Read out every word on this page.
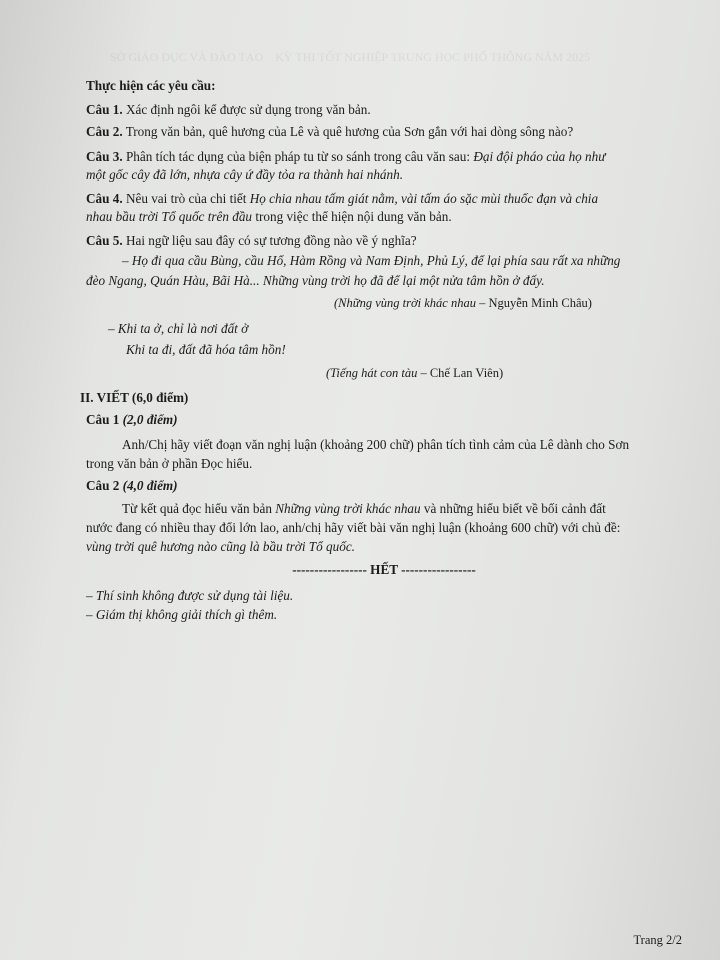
SỞ GIÁO DỤC VÀ ĐÀO TẠO    KỲ THI TỐT NGHIỆP TRUNG HỌC PHỔ THÔNG NĂM 2025
Thực hiện các yêu cầu:
Câu 1. Xác định ngôi kể được sử dụng trong văn bản.
Câu 2. Trong văn bản, quê hương của Lê và quê hương của Sơn gắn với hai dòng sông nào?
Câu 3. Phân tích tác dụng của biện pháp tu từ so sánh trong câu văn sau: Đại đội pháo của họ như
một gốc cây đã lớn, nhựa cây ứ đầy tỏa ra thành hai nhánh.
Câu 4. Nêu vai trò của chi tiết Họ chia nhau tấm giát nằm, vài tấm áo sặc mùi thuốc đạn và chia
nhau bầu trời Tổ quốc trên đầu trong việc thể hiện nội dung văn bản.
Câu 5. Hai ngữ liệu sau đây có sự tương đồng nào về ý nghĩa?
– Họ đi qua cầu Bùng, cầu Hổ, Hàm Rồng và Nam Định, Phủ Lý, để lại phía sau rất xa những
đèo Ngang, Quán Hàu, Bãi Hà... Những vùng trời họ đã để lại một nửa tâm hồn ở đấy.
(Những vùng trời khác nhau – Nguyễn Minh Châu)
– Khi ta ở, chỉ là nơi đất ở
Khi ta đi, đất đã hóa tâm hồn!
(Tiếng hát con tàu – Chế Lan Viên)
II. VIẾT (6,0 điểm)
Câu 1 (2,0 điểm)
Anh/Chị hãy viết đoạn văn nghị luận (khoảng 200 chữ) phân tích tình cảm của Lê dành cho Sơn
trong văn bản ở phần Đọc hiểu.
Câu 2 (4,0 điểm)
Từ kết quả đọc hiểu văn bản Những vùng trời khác nhau và những hiểu biết về bối cảnh đất
nước đang có nhiều thay đổi lớn lao, anh/chị hãy viết bài văn nghị luận (khoảng 600 chữ) với chủ đề:
vùng trời quê hương nào cũng là bầu trời Tổ quốc.
----------------- HẾT -----------------
– Thí sinh không được sử dụng tài liệu.
– Giám thị không giải thích gì thêm.
Trang 2/2
